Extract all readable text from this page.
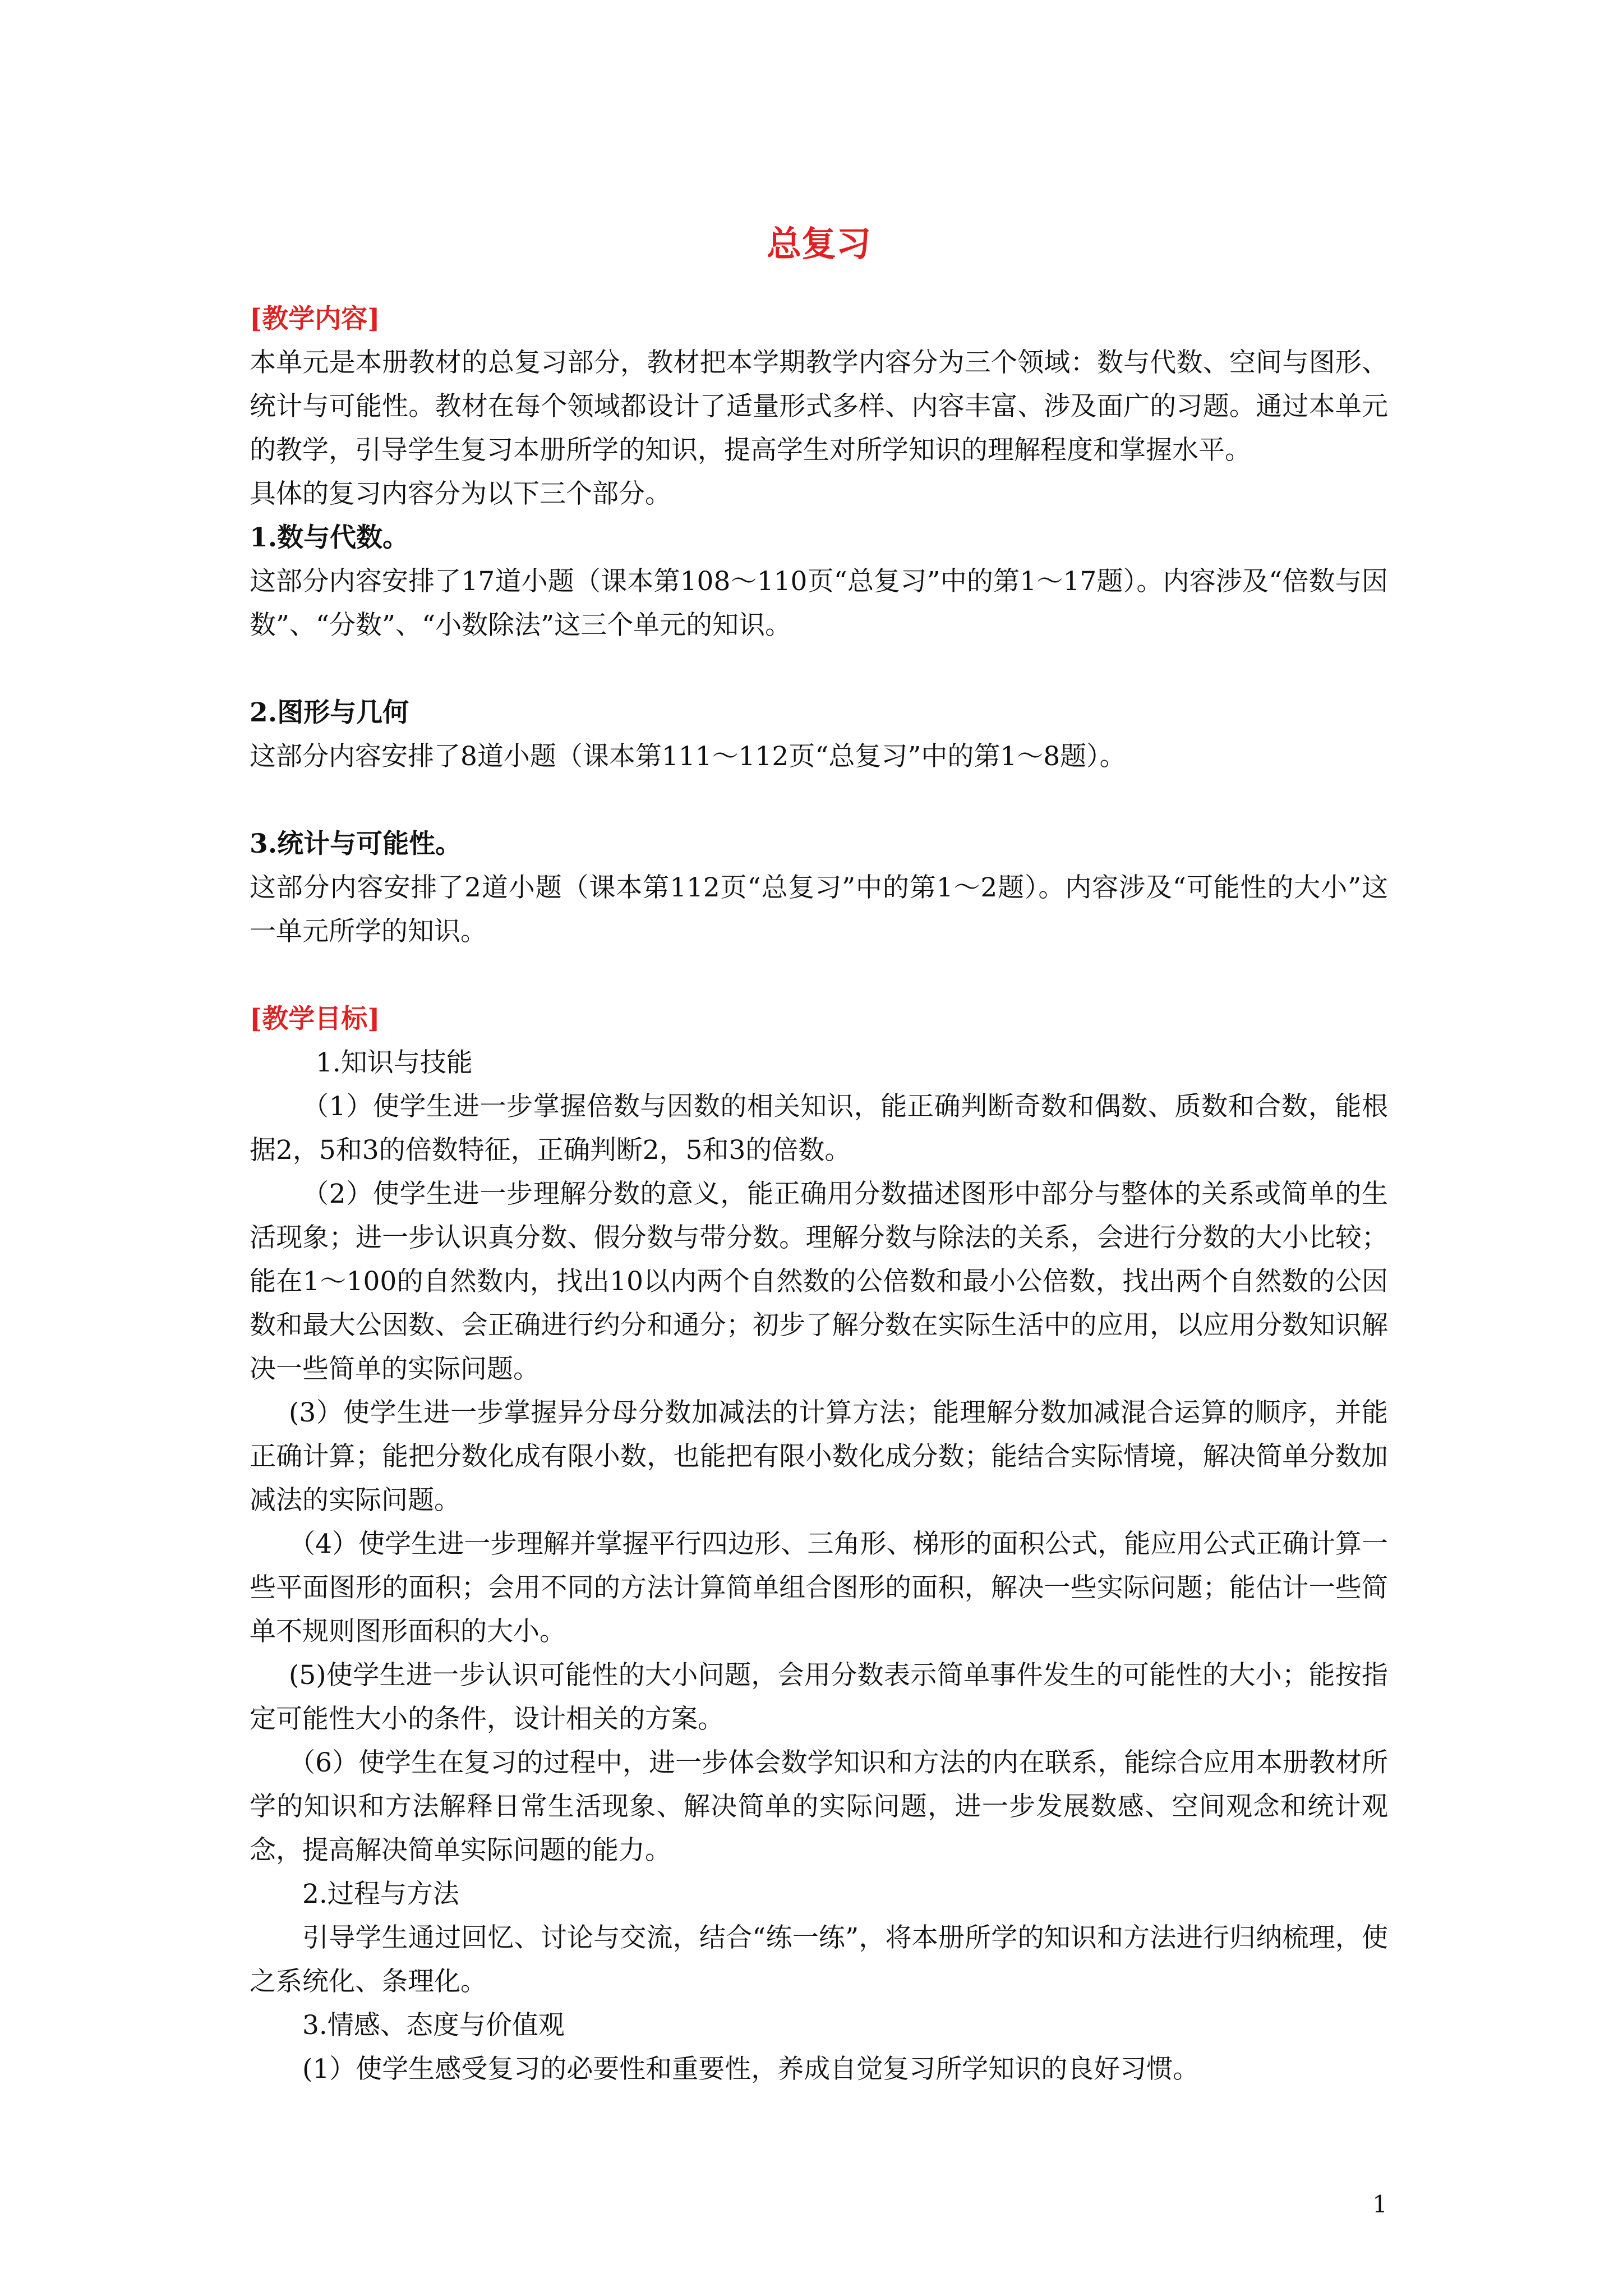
总复习

[教学内容]

本单元是本册教材的总复习部分，教材把本学期教学内容分为三个领域：数与代数、空间与图形、统计与可能性。教材在每个领域都设计了适量形式多样、内容丰富、涉及面广的习题。通过本单元的教学，引导学生复习本册所学的知识，提高学生对所学知识的理解程度和掌握水平。

具体的复习内容分为以下三个部分。

1.数与代数。

这部分内容安排了17道小题（课本第108～110页“总复习”中的第1～17题）。内容涉及“倍数与因数”、“分数”、“小数除法”这三个单元的知识。

2.图形与几何

这部分内容安排了8道小题（课本第111～112页“总复习”中的第1～8题）。

3.统计与可能性。

这部分内容安排了2道小题（课本第112页“总复习”中的第1～2题）。内容涉及“可能性的大小”这一单元所学的知识。

[教学目标]

1.知识与技能

（1）使学生进一步掌握倍数与因数的相关知识，能正确判断奇数和偶数、质数和合数，能根据2，5和3的倍数特征，正确判断2，5和3的倍数。

（2）使学生进一步理解分数的意义，能正确用分数描述图形中部分与整体的关系或简单的生活现象；进一步认识真分数、假分数与带分数。理解分数与除法的关系，会进行分数的大小比较；能在1～100的自然数内，找出10以内两个自然数的公倍数和最小公倍数，找出两个自然数的公因数和最大公因数、会正确进行约分和通分；初步了解分数在实际生活中的应用，以应用分数知识解决一些简单的实际问题。

(3）使学生进一步掌握异分母分数加减法的计算方法；能理解分数加减混合运算的顺序，并能正确计算；能把分数化成有限小数，也能把有限小数化成分数；能结合实际情境，解决简单分数加减法的实际问题。

（4）使学生进一步理解并掌握平行四边形、三角形、梯形的面积公式，能应用公式正确计算一些平面图形的面积；会用不同的方法计算简单组合图形的面积，解决一些实际问题；能估计一些简单不规则图形面积的大小。

(5)使学生进一步认识可能性的大小问题，会用分数表示简单事件发生的可能性的大小；能按指定可能性大小的条件，设计相关的方案。

（6）使学生在复习的过程中，进一步体会数学知识和方法的内在联系，能综合应用本册教材所学的知识和方法解释日常生活现象、解决简单的实际问题，进一步发展数感、空间观念和统计观念，提高解决简单实际问题的能力。

2.过程与方法

引导学生通过回忆、讨论与交流，结合“练一练”，将本册所学的知识和方法进行归纳梳理，使之系统化、条理化。

3.情感、态度与价值观

(1）使学生感受复习的必要性和重要性，养成自觉复习所学知识的良好习惯。

1
